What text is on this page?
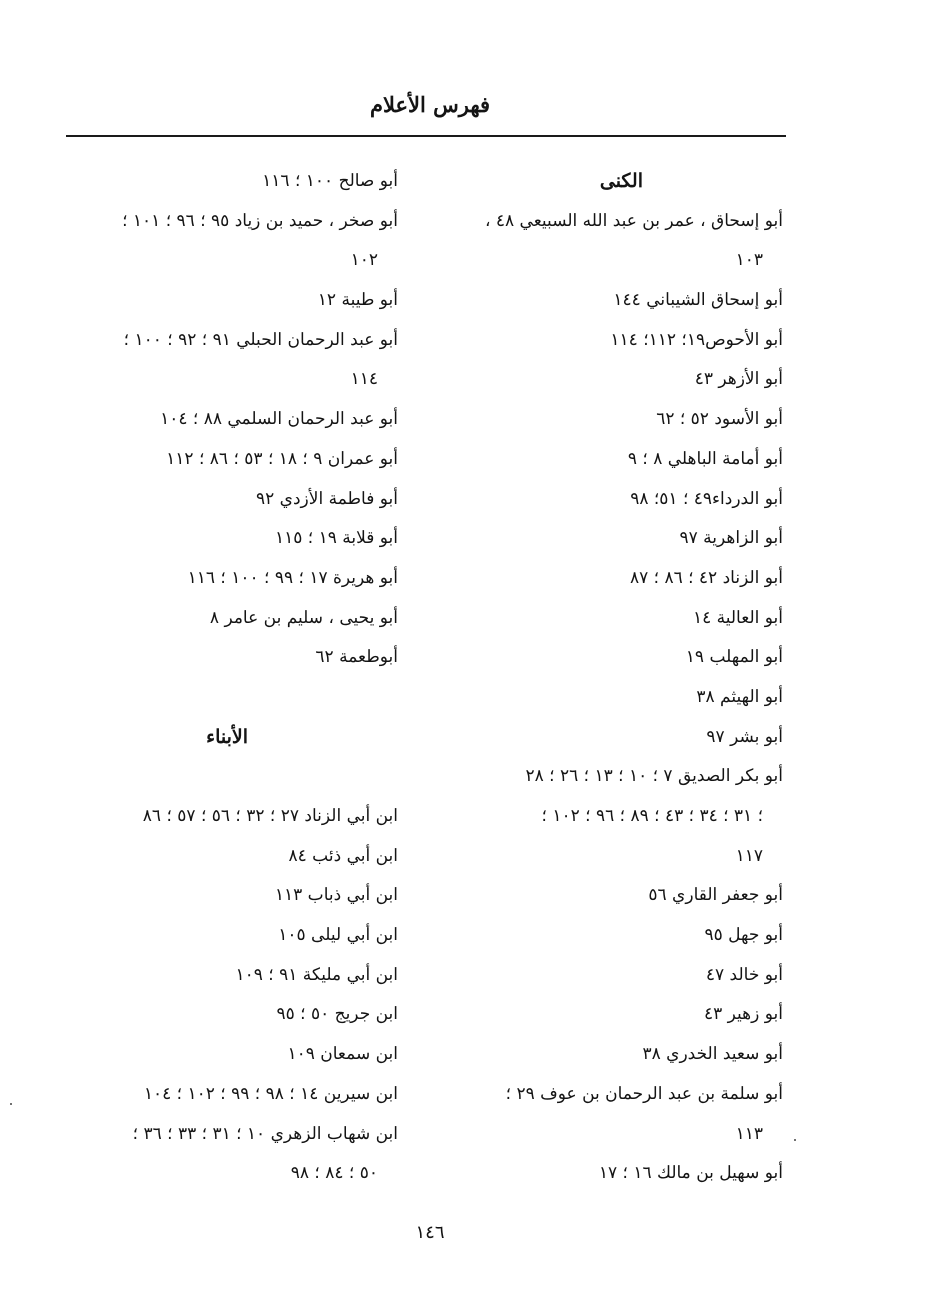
فهرس الأعلام
الكنى
أبو إسحاق ، عمر بن عبد الله السبيعي ٤٨ ،
١٠٣
أبو إسحاق الشيباني ١٤٤
أبو الأحوص١٩؛ ١١٢؛ ١١٤
أبو الأزهر ٤٣
أبو الأسود ٥٢ ؛ ٦٢
أبو أمامة الباهلي ٨ ؛ ٩
أبو الدرداء٤٩ ؛ ٥١؛ ٩٨
أبو الزاهرية ٩٧
أبو الزناد ٤٢ ؛ ٨٦ ؛ ٨٧
أبو العالية ١٤
أبو المهلب ١٩
أبو الهيثم ٣٨
أبو بشر ٩٧
أبو بكر الصديق ٧ ؛ ١٠ ؛ ١٣ ؛ ٢٦ ؛ ٢٨
؛ ٣١ ؛ ٣٤ ؛ ٤٣ ؛ ٨٩ ؛ ٩٦ ؛ ١٠٢ ؛
١١٧
أبو جعفر القاري ٥٦
أبو جهل ٩٥
أبو خالد ٤٧
أبو زهير ٤٣
أبو سعيد الخدري ٣٨
أبو سلمة بن عبد الرحمان بن عوف ٢٩ ؛
١١٣
أبو سهيل بن مالك ١٦ ؛ ١٧
أبو صالح ١٠٠ ؛ ١١٦
أبو صخر ، حميد بن زياد ٩٥ ؛ ٩٦ ؛ ١٠١ ؛
١٠٢
أبو طيبة ١٢
أبو عبد الرحمان الحبلي ٩١ ؛ ٩٢ ؛ ١٠٠ ؛
١١٤
أبو عبد الرحمان السلمي ٨٨ ؛ ١٠٤
أبو عمران ٩ ؛ ١٨ ؛ ٥٣ ؛ ٨٦ ؛ ١١٢
أبو فاطمة الأزدي ٩٢
أبو قلابة ١٩ ؛ ١١٥
أبو هريرة ١٧ ؛ ٩٩ ؛ ١٠٠ ؛ ١١٦
أبو يحيى ، سليم بن عامر ٨
أبوطعمة ٦٢
الأبناء
ابن أبي الزناد ٢٧ ؛ ٣٢ ؛ ٥٦ ؛ ٥٧ ؛ ٨٦
ابن أبي ذئب ٨٤
ابن أبي ذباب ١١٣
ابن أبي ليلى ١٠٥
ابن أبي مليكة ٩١ ؛ ١٠٩
ابن جريج ٥٠ ؛ ٩٥
ابن سمعان ١٠٩
ابن سيرين ١٤ ؛ ٩٨ ؛ ٩٩ ؛ ١٠٢ ؛ ١٠٤
ابن شهاب الزهري ١٠ ؛ ٣١ ؛ ٣٣ ؛ ٣٦ ؛
٥٠ ؛ ٨٤ ؛ ٩٨
١٤٦
